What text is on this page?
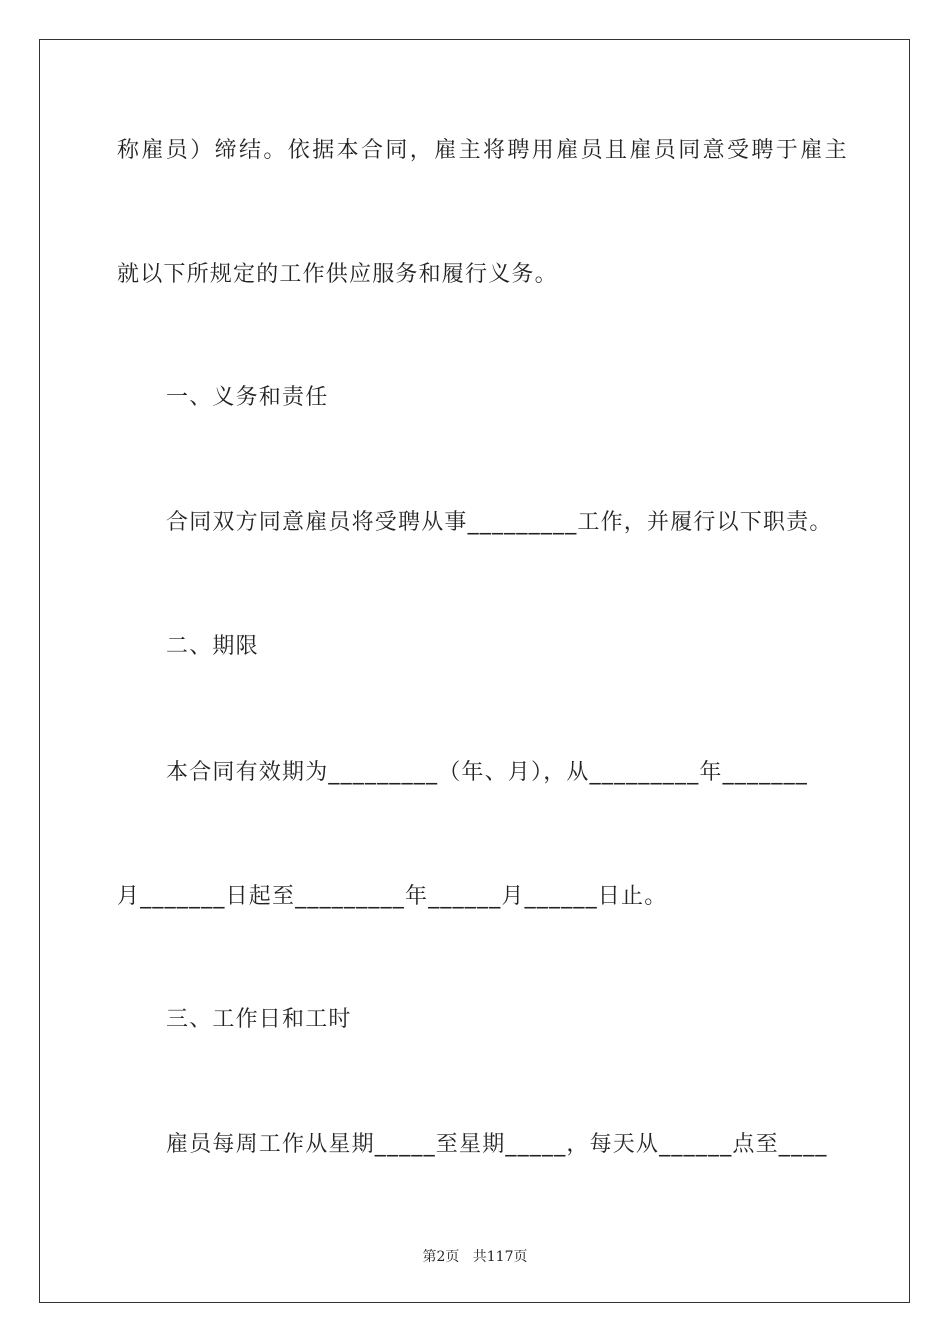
称雇员）缔结。依据本合同，雇主将聘用雇员且雇员同意受聘于雇主
就以下所规定的工作供应服务和履行义务。
一、义务和责任
合同双方同意雇员将受聘从事_________工作，并履行以下职责。
二、期限
本合同有效期为_________（年、月），从_________年_______
月_______日起至_________年______月______日止。
三、工作日和工时
雇员每周工作从星期_____至星期_____，每天从______点至____
第2页   共117页
